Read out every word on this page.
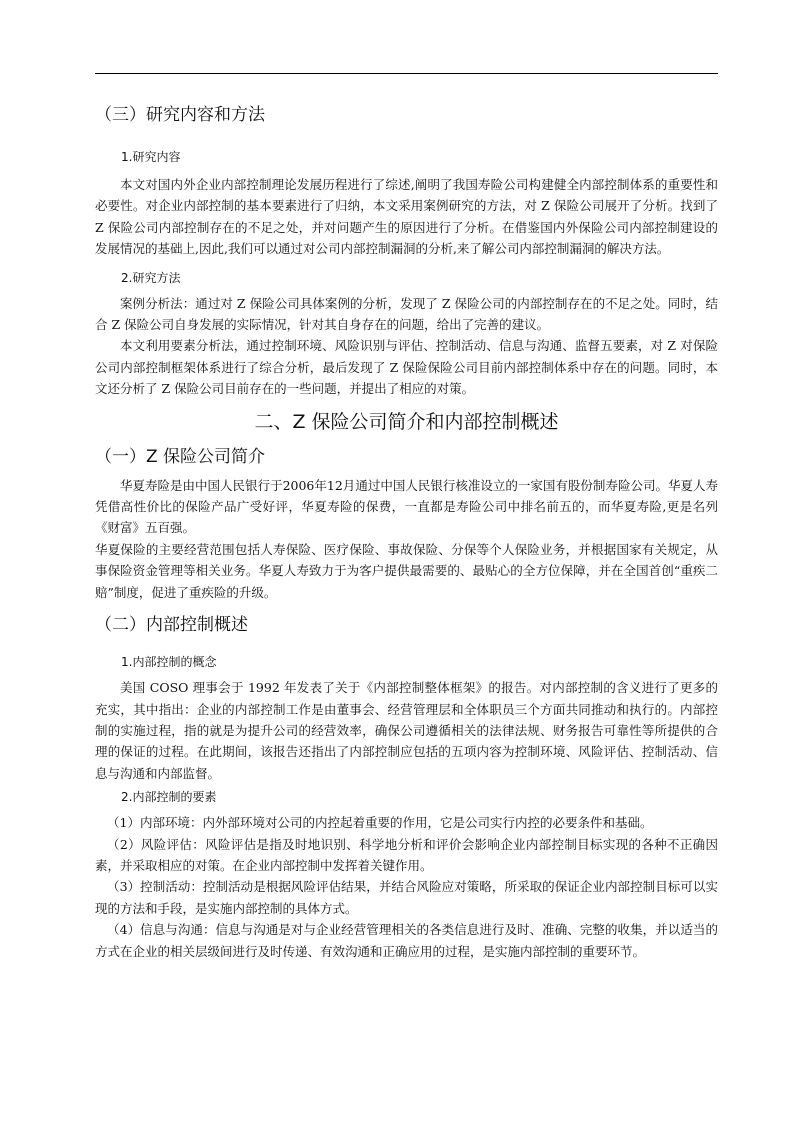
（三）研究内容和方法
1.研究内容

本文对国内外企业内部控制理论发展历程进行了综述,阐明了我国寿险公司构建健全内部控制体系的重要性和必要性。对企业内部控制的基本要素进行了归纳，本文采用案例研究的方法，对 Z 保险公司展开了分析。找到了 Z 保险公司内部控制存在的不足之处，并对问题产生的原因进行了分析。在借鉴国内外保险公司内部控制建设的发展情况的基础上,因此,我们可以通过对公司内部控制漏洞的分析,来了解公司内部控制漏洞的解决方法。

2.研究方法

案例分析法：通过对 Z 保险公司具体案例的分析，发现了 Z 保险公司的内部控制存在的不足之处。同时，结合 Z 保险公司自身发展的实际情况，针对其自身存在的问题，给出了完善的建议。

本文利用要素分析法，通过控制环境、风险识别与评估、控制活动、信息与沟通、监督五要素，对 Z 对保险公司内部控制框架体系进行了综合分析，最后发现了 Z 保险保险公司目前内部控制体系中存在的问题。同时，本文还分析了 Z 保险公司目前存在的一些问题，并提出了相应的对策。

二、Z 保险公司简介和内部控制概述
（一）Z 保险公司简介

华夏寿险是由中国人民银行于2006年12月通过中国人民银行核准设立的一家国有股份制寿险公司。华夏人寿凭借高性价比的保险产品广受好评，华夏寿险的保费，一直都是寿险公司中排名前五的，而华夏寿险,更是名列《财富》五百强。

华夏保险的主要经营范围包括人寿保险、医疗保险、事故保险、分保等个人保险业务，并根据国家有关规定，从事保险资金管理等相关业务。华夏人寿致力于为客户提供最需要的、最贴心的全方位保障，并在全国首创“重疾二赔”制度，促进了重疾险的升级。

（二）内部控制概述
1.内部控制的概念

美国 COSO 理事会于 1992 年发表了关于《内部控制整体框架》的报告。对内部控制的含义进行了更多的充实，其中指出：企业的内部控制工作是由董事会、经营管理层和全体职员三个方面共同推动和执行的。内部控制的实施过程，指的就是为提升公司的经营效率，确保公司遵循相关的法律法规、财务报告可靠性等所提供的合理的保证的过程。在此期间，该报告还指出了内部控制应包括的五项内容为控制环境、风险评估、控制活动、信息与沟通和内部监督。

2.内部控制的要素

（1）内部环境：内外部环境对公司的内控起着重要的作用，它是公司实行内控的必要条件和基础。

（2）风险评估：风险评估是指及时地识别、科学地分析和评价会影响企业内部控制目标实现的各种不正确因素，并采取相应的对策。在企业内部控制中发挥着关键作用。

（3）控制活动：控制活动是根据风险评估结果，并结合风险应对策略，所采取的保证企业内部控制目标可以实现的方法和手段，是实施内部控制的具体方式。

（4）信息与沟通：信息与沟通是对与企业经营管理相关的各类信息进行及时、准确、完整的收集，并以适当的方式在企业的相关层级间进行及时传递、有效沟通和正确应用的过程，是实施内部控制的重要环节。
